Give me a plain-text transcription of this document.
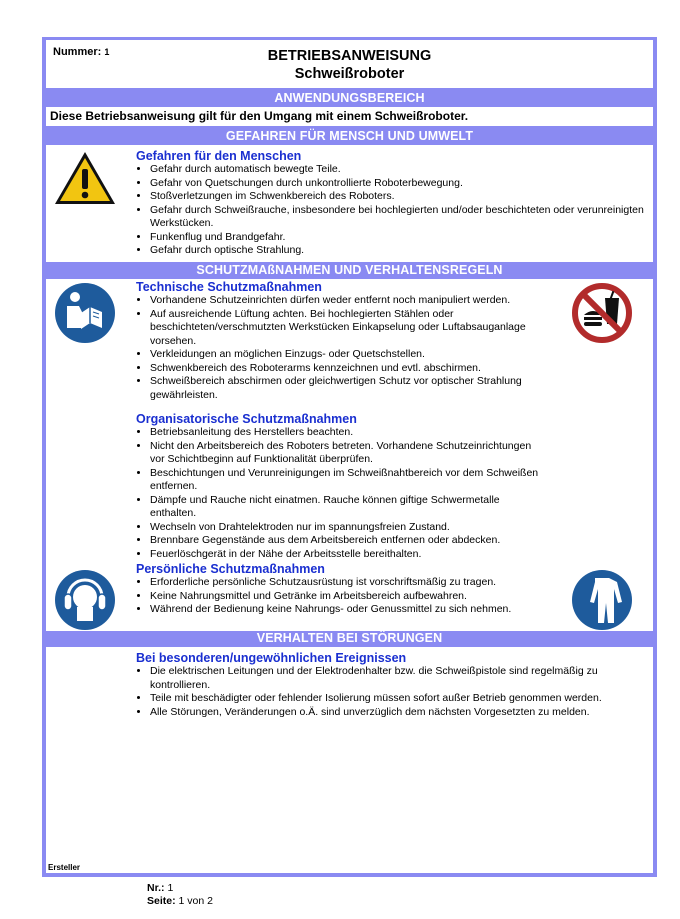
Nummer: 1	BETRIEBSANWEISUNG
Schweißroboter
ANWENDUNGSBEREICH
Diese Betriebsanweisung gilt für den Umgang mit einem Schweißroboter.
GEFAHREN FÜR MENSCH UND UMWELT
Gefahren für den Menschen
• Gefahr durch automatisch bewegte Teile.
• Gefahr von Quetschungen durch unkontrollierte Roboterbewegung.
• Stoßverletzungen im Schwenkbereich des Roboters.
• Gefahr durch Schweißrauche, insbesondere bei hochlegierten und/oder beschichteten oder verunreinigten Werkstücken.
• Funkenflug und Brandgefahr.
• Gefahr durch optische Strahlung.
SCHUTZMAßNAHMEN UND VERHALTENSREGELN
VERHALTEN BEI STÖRUNGEN
Bei besonderen/ungewöhnlichen Ereignissen
• Die elektrischen Leitungen und der Elektrodenhalter bzw. die Schweißpistole sind regelmäßig zu kontrollieren.
• Teile mit beschädigter oder fehlender Isolierung müssen sofort außer Betrieb genommen werden.
• Alle Störungen, Veränderungen o.Ä. sind unverzüglich dem nächsten Vorgesetzten zu melden.
Ersteller
Technische Schutzmaßnahmen
• Vorhandene Schutzeinrichten dürfen weder entfernt noch manipuliert werden.
• Auf ausreichende Lüftung achten. Bei hochlegierten Stählen oder beschichteten/verschmutzten Werkstücken Einkapselung oder Luftabsauganlage vorsehen.
• Verkleidungen an möglichen Einzugs- oder Quetschstellen.
• Schwenkbereich des Roboterarms kennzeichnen und evtl. abschirmen.
• Schweißbereich abschirmen oder gleichwertigen Schutz vor optischer Strahlung gewährleisten.
Organisatorische Schutzmaßnahmen
• Betriebsanleitung des Herstellers beachten.
• Nicht den Arbeitsbereich des Roboters betreten. Vorhandene Schutzeinrichtungen vor Schichtbeginn auf Funktionalität überprüfen.
• Beschichtungen und Verunreinigungen im Schweißnahtbereich vor dem Schweißen entfernen.
• Dämpfe und Rauche nicht einatmen. Rauche können giftige Schwermetalle enthalten.
• Wechseln von Drahtelektroden nur im spannungsfreien Zustand.
• Brennbare Gegenstände aus dem Arbeitsbereich entfernen oder abdecken.
• Feuerlöschgerät in der Nähe der Arbeitsstelle bereithalten.
Persönliche Schutzmaßnahmen
• Erforderliche persönliche Schutzausrüstung ist vorschriftsmäßig zu tragen.
• Keine Nahrungsmittel und Getränke im Arbeitsbereich aufbewahren.
• Während der Bedienung keine Nahrungs- oder Genussmittel zu sich nehmen.
Nr.: 1
Seite: 1 von 2
